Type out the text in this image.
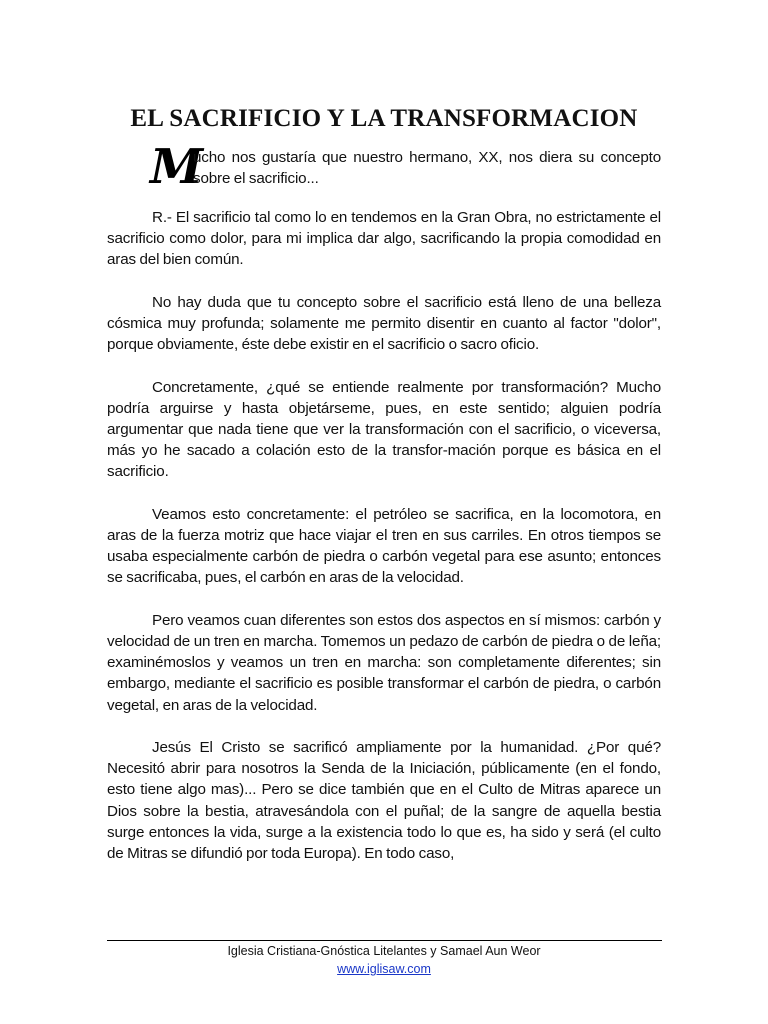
EL SACRIFICIO Y LA TRANSFORMACION
M
ucho nos gustaría que nuestro hermano, XX, nos diera su concepto sobre el sacrificio...

R.- El sacrificio tal como lo en tendemos en la Gran Obra, no estrictamente el sacrificio como dolor, para mi implica dar algo, sacrificando la propia comodidad en aras del bien común.

No hay duda que tu concepto sobre el sacrificio está lleno de una belleza cósmica muy profunda; solamente me permito disentir en cuanto al factor "dolor", porque obviamente, éste debe existir en el sacrificio o sacro oficio.

Concretamente, ¿qué se entiende realmente por transformación? Mucho podría arguirse y hasta objetárseme, pues, en este sentido; alguien podría argumentar que nada tiene que ver la transformación con el sacrificio, o viceversa, más yo he sacado a colación esto de la transfor-mación porque es básica en el sacrificio.

Veamos esto concretamente: el petróleo se sacrifica, en la locomotora, en aras de la fuerza motriz que hace viajar el tren en sus carriles. En otros tiempos se usaba especialmente carbón de piedra o carbón vegetal para ese asunto; entonces se sacrificaba, pues, el carbón en aras de la velocidad.

Pero veamos cuan diferentes son estos dos aspectos en sí mismos: carbón y velocidad de un tren en marcha. Tomemos un pedazo de carbón de piedra o de leña; examinémoslos y veamos un tren en marcha: son completamente diferentes; sin embargo, mediante el sacrificio es posible transformar el carbón de piedra, o carbón vegetal, en aras de la velocidad.

Jesús El Cristo se sacrificó ampliamente por la humanidad. ¿Por qué? Necesitó abrir para nosotros la Senda de la Iniciación, públicamente (en el fondo, esto tiene algo mas)... Pero se dice también que en el Culto de Mitras aparece un Dios sobre la bestia, atravesándola con el puñal; de la sangre de aquella bestia surge entonces la vida, surge a la existencia todo lo que es, ha sido y será (el culto de Mitras se difundió por toda Europa). En todo caso,

Iglesia Cristiana-Gnóstica Litelantes y Samael Aun Weor
www.iglisaw.com
